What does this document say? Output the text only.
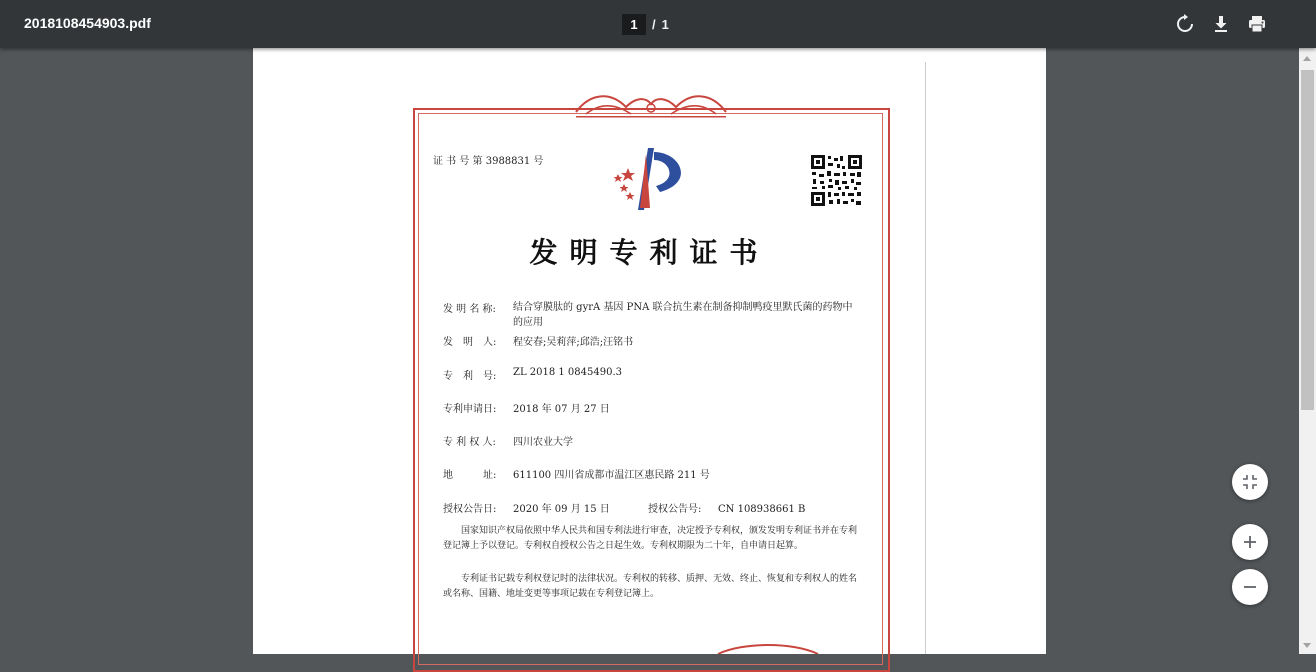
2018108454903.pdf	1	/ 1
证 书 号 第 3988831 号
发明专利证书
发 明 名 称: 结合穿膜肽的 gyrA 基因 PNA 联合抗生素在制备抑制鸭疫里默氏菌的药物中的应用
发　明　人: 程安春;吴莉萍;邱浩;汪铭书
专　利　号: ZL 2018 1 0845490.3
专利申请日: 2018 年 07 月 27 日
专 利 权 人: 四川农业大学
地　　　址: 611100 四川省成都市温江区惠民路 211 号
授权公告日: 2020 年 09 月 15 日	授权公告号: CN 108938661 B

国家知识产权局依照中华人民共和国专利法进行审查，决定授予专利权，颁发发明专利证书并在专利登记簿上予以登记。专利权自授权公告之日起生效。专利权期限为二十年，自申请日起算。

专利证书记载专利权登记时的法律状况。专利权的转移、质押、无效、终止、恢复和专利权人的姓名或名称、国籍、地址变更等事项记载在专利登记簿上。
